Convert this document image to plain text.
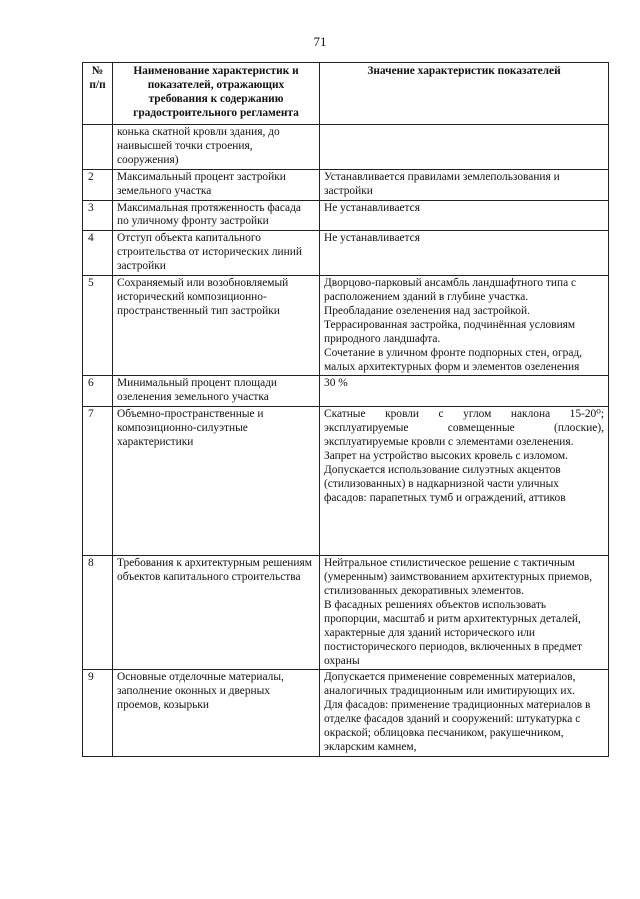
71
№ п/п	Наименование характеристик и показателей, отражающих требования к содержанию градостроительного регламента	Значение характеристик показателей
	конька скатной кровли здания, до наивысшей точки строения, сооружения)	
2	Максимальный процент застройки земельного участка	Устанавливается правилами землепользования и застройки

3	Максимальная протяженность фасада по уличному фронту застройки	Не устанавливается

4	Отступ объекта капитального строительства от исторических линий застройки	Не устанавливается

5	Сохраняемый или возобновляемый исторический композиционно-пространственный тип застройки	Дворцово-парковый ансамбль ландшафтного типа с расположением зданий в глубине участка.
Преобладание озеленения над застройкой.
Террасированная застройка, подчинённая условиям природного ландшафта.
Сочетание в уличном фронте подпорных стен, оград, малых архитектурных форм и элементов озеленения

6	Минимальный процент площади озеленения земельного участка	30 %

7	Объемно-пространственные и композиционно-силуэтные характеристики	Скатные кровли с углом наклона 15-20⁰; эксплуатируемые совмещенные (плоские), эксплуатируемые кровли с элементами озеленения.
Запрет на устройство высоких кровель с изломом.
Допускается использование силуэтных акцентов (стилизованных) в надкарнизной части уличных фасадов: парапетных тумб и ограждений, аттиков

8	Требования к архитектурным решениям объектов капитального строительства	Нейтральное стилистическое решение с тактичным (умеренным) заимствованием архитектурных приемов, стилизованных декоративных элементов.
В фасадных решениях объектов использовать пропорции, масштаб и ритм архитектурных деталей, характерные для зданий исторического или постисторического периодов, включенных в предмет охраны

9	Основные отделочные материалы, заполнение оконных и дверных проемов, козырьки	Допускается применение современных материалов, аналогичных традиционным или имитирующих их.
Для фасадов: применение традиционных материалов в отделке фасадов зданий и сооружений: штукатурка с окраской; облицовка песчаником, ракушечником, экларским камнем,
